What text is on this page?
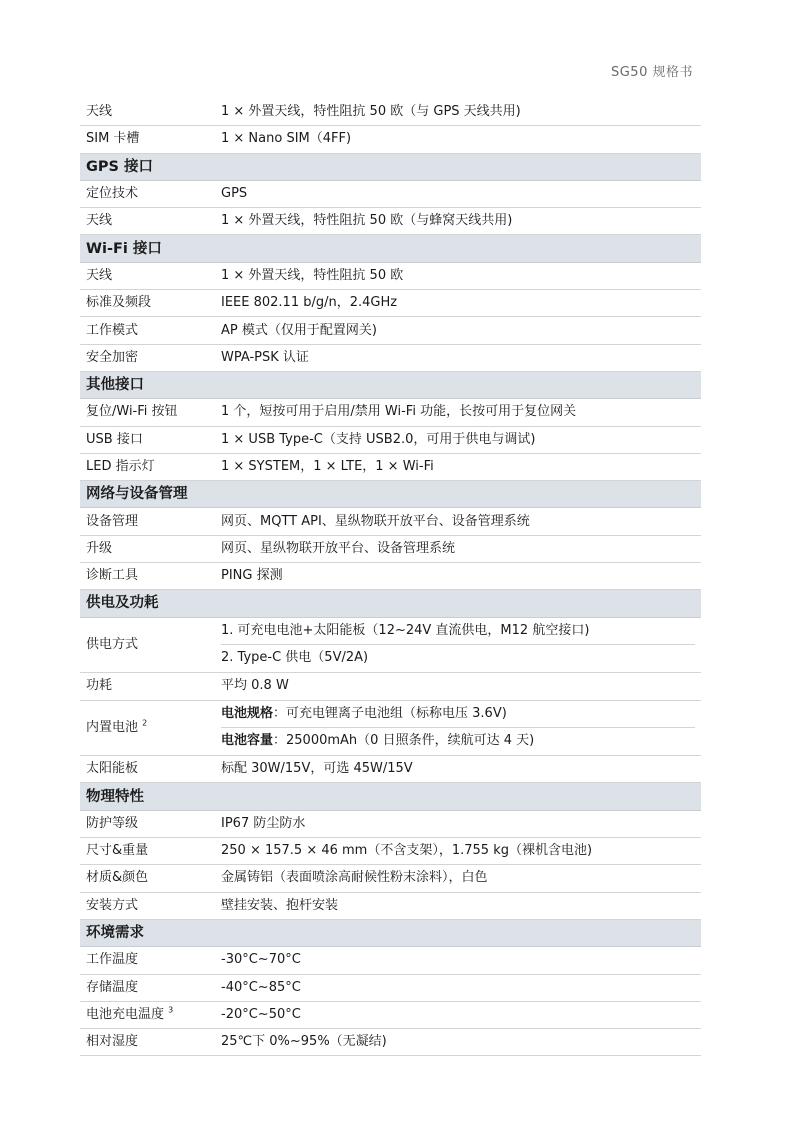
SG50 规格书
天线	1 × 外置天线，特性阻抗 50 欧（与 GPS 天线共用)
SIM 卡槽	1 × Nano SIM（4FF)
GPS 接口	
定位技术	GPS
天线	1 × 外置天线，特性阻抗 50 欧（与蜂窝天线共用)
Wi-Fi 接口	
天线	1 × 外置天线，特性阻抗 50 欧
标准及频段	IEEE 802.11 b/g/n，2.4GHz
工作模式	AP 模式（仅用于配置网关)
安全加密	WPA-PSK 认证
其他接口	
复位/Wi-Fi 按钮	1 个，短按可用于启用/禁用 Wi-Fi 功能，长按可用于复位网关
USB 接口	1 × USB Type-C（支持 USB2.0，可用于供电与调试)
LED 指示灯	1 × SYSTEM，1 × LTE，1 × Wi-Fi
网络与设备管理	
设备管理	网页、MQTT API、星纵物联开放平台、设备管理系统
升级	网页、星纵物联开放平台、设备管理系统
诊断工具	PING 探测
供电及功耗	
供电方式	1. 可充电电池+太阳能板（12~24V 直流供电，M12 航空接口)
2. Type-C 供电（5V/2A)

功耗	平均 0.8 W
内置电池 $^2$	电池规格：可充电锂离子电池组（标称电压 3.6V)
电池容量：25000mAh（0 日照条件，续航可达 4 天)

太阳能板	标配 30W/15V，可选 45W/15V
物理特性	
防护等级	IP67 防尘防水
尺寸&重量	250 × 157.5 × 46 mm（不含支架），1.755 kg（裸机含电池)
材质&颜色	金属铸铝（表面喷涂高耐候性粉末涂料），白色
安装方式	壁挂安装、抱杆安装
环境需求	
工作温度	-30°C~70°C
存储温度	-40°C~85°C
电池充电温度 $^3$	-20°C~50°C
相对湿度	25℃下 0%~95%（无凝结)
